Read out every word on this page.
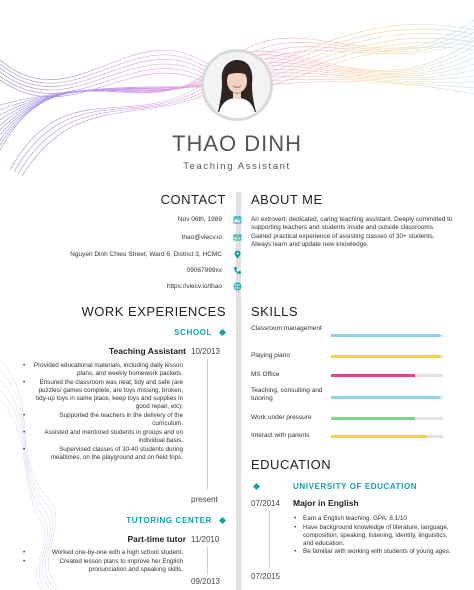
THAO DINH
Teaching Assistant
CONTACT
Nov 06th, 1989
thao@viecv.io
Nguyen Dinh Chieu Street, Ward 6, District 3, HCMC
09067999xx
https://viecv.io/thao
ABOUT ME
An extrovert, dedicated, caring teaching assistant. Deeply committed to supporting teachers and students inside and outside classrooms. Gained practical experience of assisting classes of 30+ students. Always learn and update new knowledge.
WORK EXPERIENCES
SCHOOL
Teaching Assistant 10/2013
• Provided educational materials, including daily lesson plans, and weekly homework packets.
• Ensured the classroom was neat, tidy and safe (are puzzles/ games complete, are toys missing, broken, tidy-up toys in same place, keep toys and supplies in good repair, etc).
• Supported the teachers in the delivery of the curriculum.
• Assisted and mentored students in groups and on individual basis.
• Supervised classes of 30-40 students during mealtimes, on the playground and on field trips.
present
TUTORING CENTER
Part-time tutor 11/2010
• Worked one-by-one with a high school student.
• Created lesson plans to improve her English pronunciation and speaking skills.
09/2013
SKILLS
Classroom management
Playing piano
MS Office
Teaching, consulting and tutoring
Work under pressure
Interact with parents
EDUCATION
UNIVERSITY OF EDUCATION
07/2014 Major in English
• Earn a English teaching. GPA: 8.1/10
• Have background knowledge of literature, language, composition, speaking, listening, identity, linguistics, and education.
• Be familiar with working with students of young ages.
07/2015
